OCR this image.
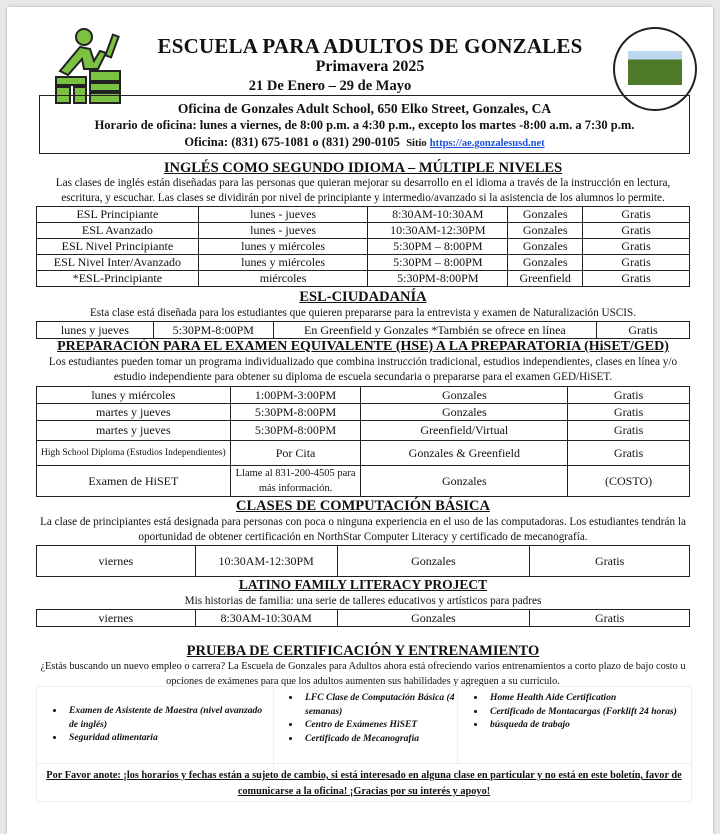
ESCUELA PARA ADULTOS DE GONZALES
Primavera 2025
21 De Enero – 29 de Mayo
Oficina de Gonzales Adult School, 650 Elko Street, Gonzales, CA
Horario de oficina: lunes a viernes, de 8:00 p.m. a 4:30 p.m., excepto los martes -8:00 a.m. a 7:30 p.m.
Oficina: (831) 675-1081 o (831) 290-0105 Sitio https://ae.gonzalesusd.net
INGLÉS COMO SEGUNDO IDIOMA – MÚLTIPLE NIVELES
Las clases de inglés están diseñadas para las personas que quieran mejorar su desarrollo en el idioma a través de la instrucción en lectura, escritura, y escuchar. Las clases se dividirán por nivel de principiante y intermedio/avanzado si la asistencia de los alumnos lo permite.
ESL Principiante	lunes - jueves	8:30AM-10:30AM	Gonzales	Gratis
ESL Avanzado	lunes - jueves	10:30AM-12:30PM	Gonzales	Gratis
ESL Nivel Principiante	lunes y miércoles	5:30PM – 8:00PM	Gonzales	Gratis
ESL Nivel Inter/Avanzado	lunes y miércoles	5:30PM – 8:00PM	Gonzales	Gratis
*ESL-Principiante	miércoles	5:30PM-8:00PM	Greenfield	Gratis
ESL-CIUDADANÍA
Esta clase está diseñada para los estudiantes que quieren prepararse para la entrevista y examen de Naturalización USCIS.
lunes y jueves	5:30PM-8:00PM	En Greenfield y Gonzales *También se ofrece en línea	Gratis
PREPARACIÓN PARA EL EXAMEN EQUIVALENTE (HSE) A LA PREPARATORIA (HiSET/GED)
Los estudiantes pueden tomar un programa individualizado que combina instrucción tradicional, estudios independientes, clases en línea y/o estudio independiente para obtener su diploma de escuela secundaria o prepararse para el examen GED/HiSET.
lunes y miércoles	1:00PM-3:00PM	Gonzales	Gratis
martes y jueves	5:30PM-8:00PM	Gonzales	Gratis
martes y jueves	5:30PM-8:00PM	Greenfield/Virtual	Gratis
High School Diploma (Estudios Independientes)	Por Cita	Gonzales & Greenfield	Gratis
Examen de HiSET	Llame al 831-200-4505 para más información.	Gonzales	(COSTO)
CLASES DE COMPUTACIÓN BÁSICA
La clase de principiantes está designada para personas con poca o ninguna experiencia en el uso de las computadoras. Los estudiantes tendrán la oportunidad de obtener certificación en NorthStar Computer Literacy y certificado de mecanografía.
viernes	10:30AM-12:30PM	Gonzales	Gratis
LATINO FAMILY LITERACY PROJECT
Mis historias de familia: una serie de talleres educativos y artísticos para padres
viernes	8:30AM-10:30AM	Gonzales	Gratis
PRUEBA DE CERTIFICACIÓN Y ENTRENAMIENTO
¿Estás buscando un nuevo empleo o carrera? La Escuela de Gonzales para Adultos ahora está ofreciendo varios entrenamientos a corto plazo de bajo costo u opciones de exámenes para que los adultos aumenten sus habilidades y agreguen a su curriculo.
• Examen de Asistente de Maestra (nivel avanzado de inglés)
• Seguridad alimentaria
• LFC Clase de Computación Básica (4 semanas)
• Centro de Exámenes HiSET
• Certificado de Mecanografía
• Home Health Aide Certification
• Certificado de Montacargas (Forklift 24 horas)
• búsqueda de trabajo
Por Favor anote: ¡los horarios y fechas están a sujeto de cambio, si está interesado en alguna clase en particular y no está en este boletín, favor de comunicarse a la oficina! ¡Gracias por su interés y apoyo!
